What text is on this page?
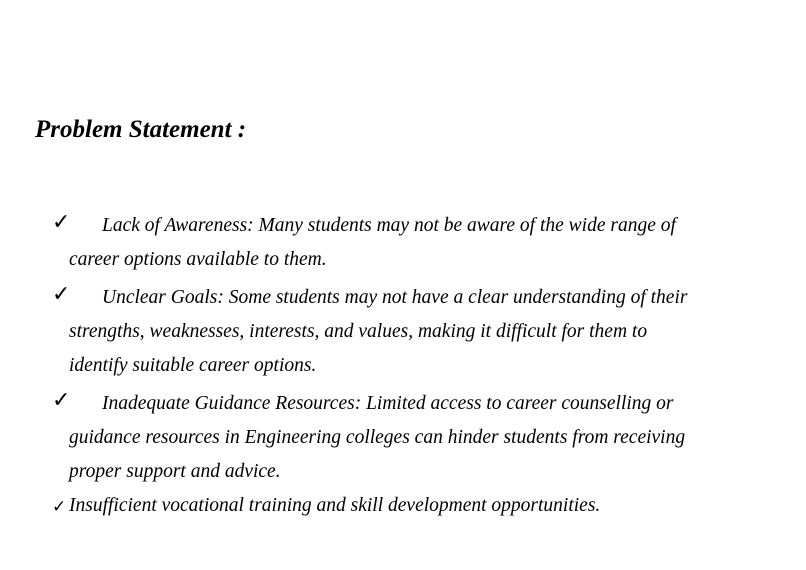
Problem Statement :
✓ Lack of Awareness: Many students may not be aware of the wide range of
career options available to them.
✓ Unclear Goals: Some students may not have a clear understanding of their
strengths, weaknesses, interests, and values, making it difficult for them to
identify suitable career options.
✓ Inadequate Guidance Resources: Limited access to career counselling or
guidance resources in Engineering colleges can hinder students from receiving
proper support and advice.
✓ Insufficient vocational training and skill development opportunities.
